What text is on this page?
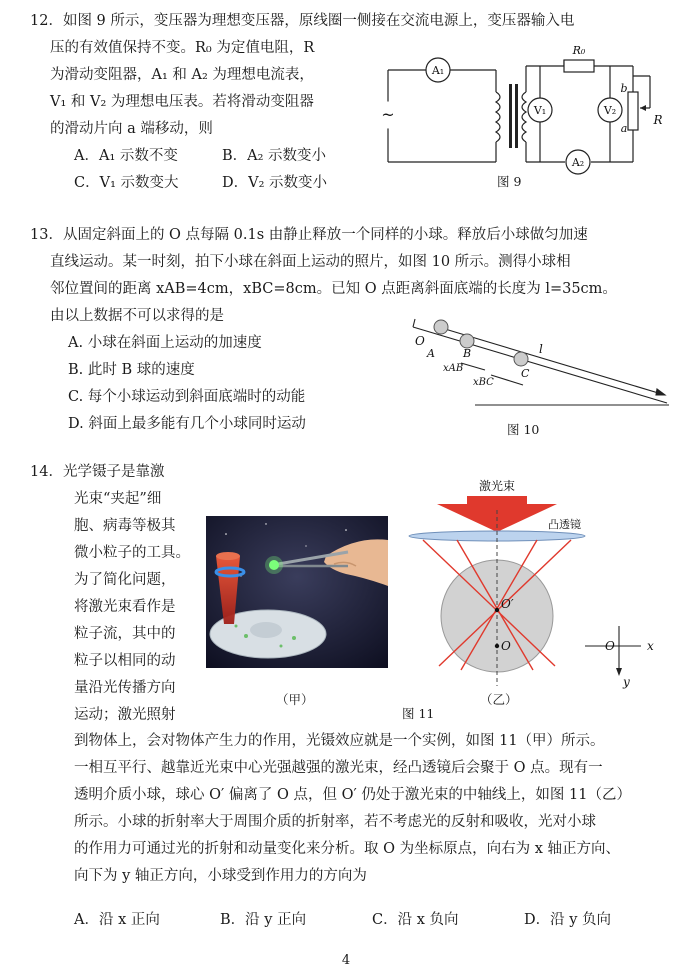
12．如图 9 所示，变压器为理想变压器，原线圈一侧接在交流电源上，变压器输入电
压的有效值保持不变。R₀ 为定值电阻，R
为滑动变阻器，A₁ 和 A₂ 为理想电流表，
V₁ 和 V₂ 为理想电压表。若将滑动变阻器
的滑动片向 a 端移动，则
A．A₁ 示数不变	B．A₂ 示数变小
C．V₁ 示数变大	D．V₂ 示数变小
A₁
~
R₀
V₁	V₂
A₂
b
a
R
图 9
13．从固定斜面上的 O 点每隔 0.1s 由静止释放一个同样的小球。释放后小球做匀加速
直线运动。某一时刻，拍下小球在斜面上运动的照片，如图 10 所示。测得小球相
邻位置间的距离 xAB=4cm，xBC=8cm。已知 O 点距离斜面底端的长度为 l=35cm。
由以上数据不可以求得的是
A. 小球在斜面上运动的加速度
B. 此时 B 球的速度
C. 每个小球运动到斜面底端时的动能
D. 斜面上最多能有几个小球同时运动
O
A	B
C
xAB
xBC
l
图 10
14．光学镊子是靠激
光束“夹起”细
胞、病毒等极其
微小粒子的工具。
为了简化问题，
将激光束看作是
粒子流，其中的
粒子以相同的动
量沿光传播方向
运动；激光照射
（甲）
图 11
激光束
凸透镜
O′
O	O	x
y
（乙）
到物体上，会对物体产生力的作用，光镊效应就是一个实例，如图 11（甲）所示。
一相互平行、越靠近光束中心光强越强的激光束，经凸透镜后会聚于 O 点。现有一
透明介质小球，球心 O′ 偏离了 O 点，但 O′ 仍处于激光束的中轴线上，如图 11（乙）
所示。小球的折射率大于周围介质的折射率，若不考虑光的反射和吸收，光对小球
的作用力可通过光的折射和动量变化来分析。取 O 为坐标原点，向右为 x 轴正方向、
向下为 y 轴正方向，小球受到作用力的方向为
A．沿 x 正向	B．沿 y 正向	C．沿 x 负向	D．沿 y 负向
4
